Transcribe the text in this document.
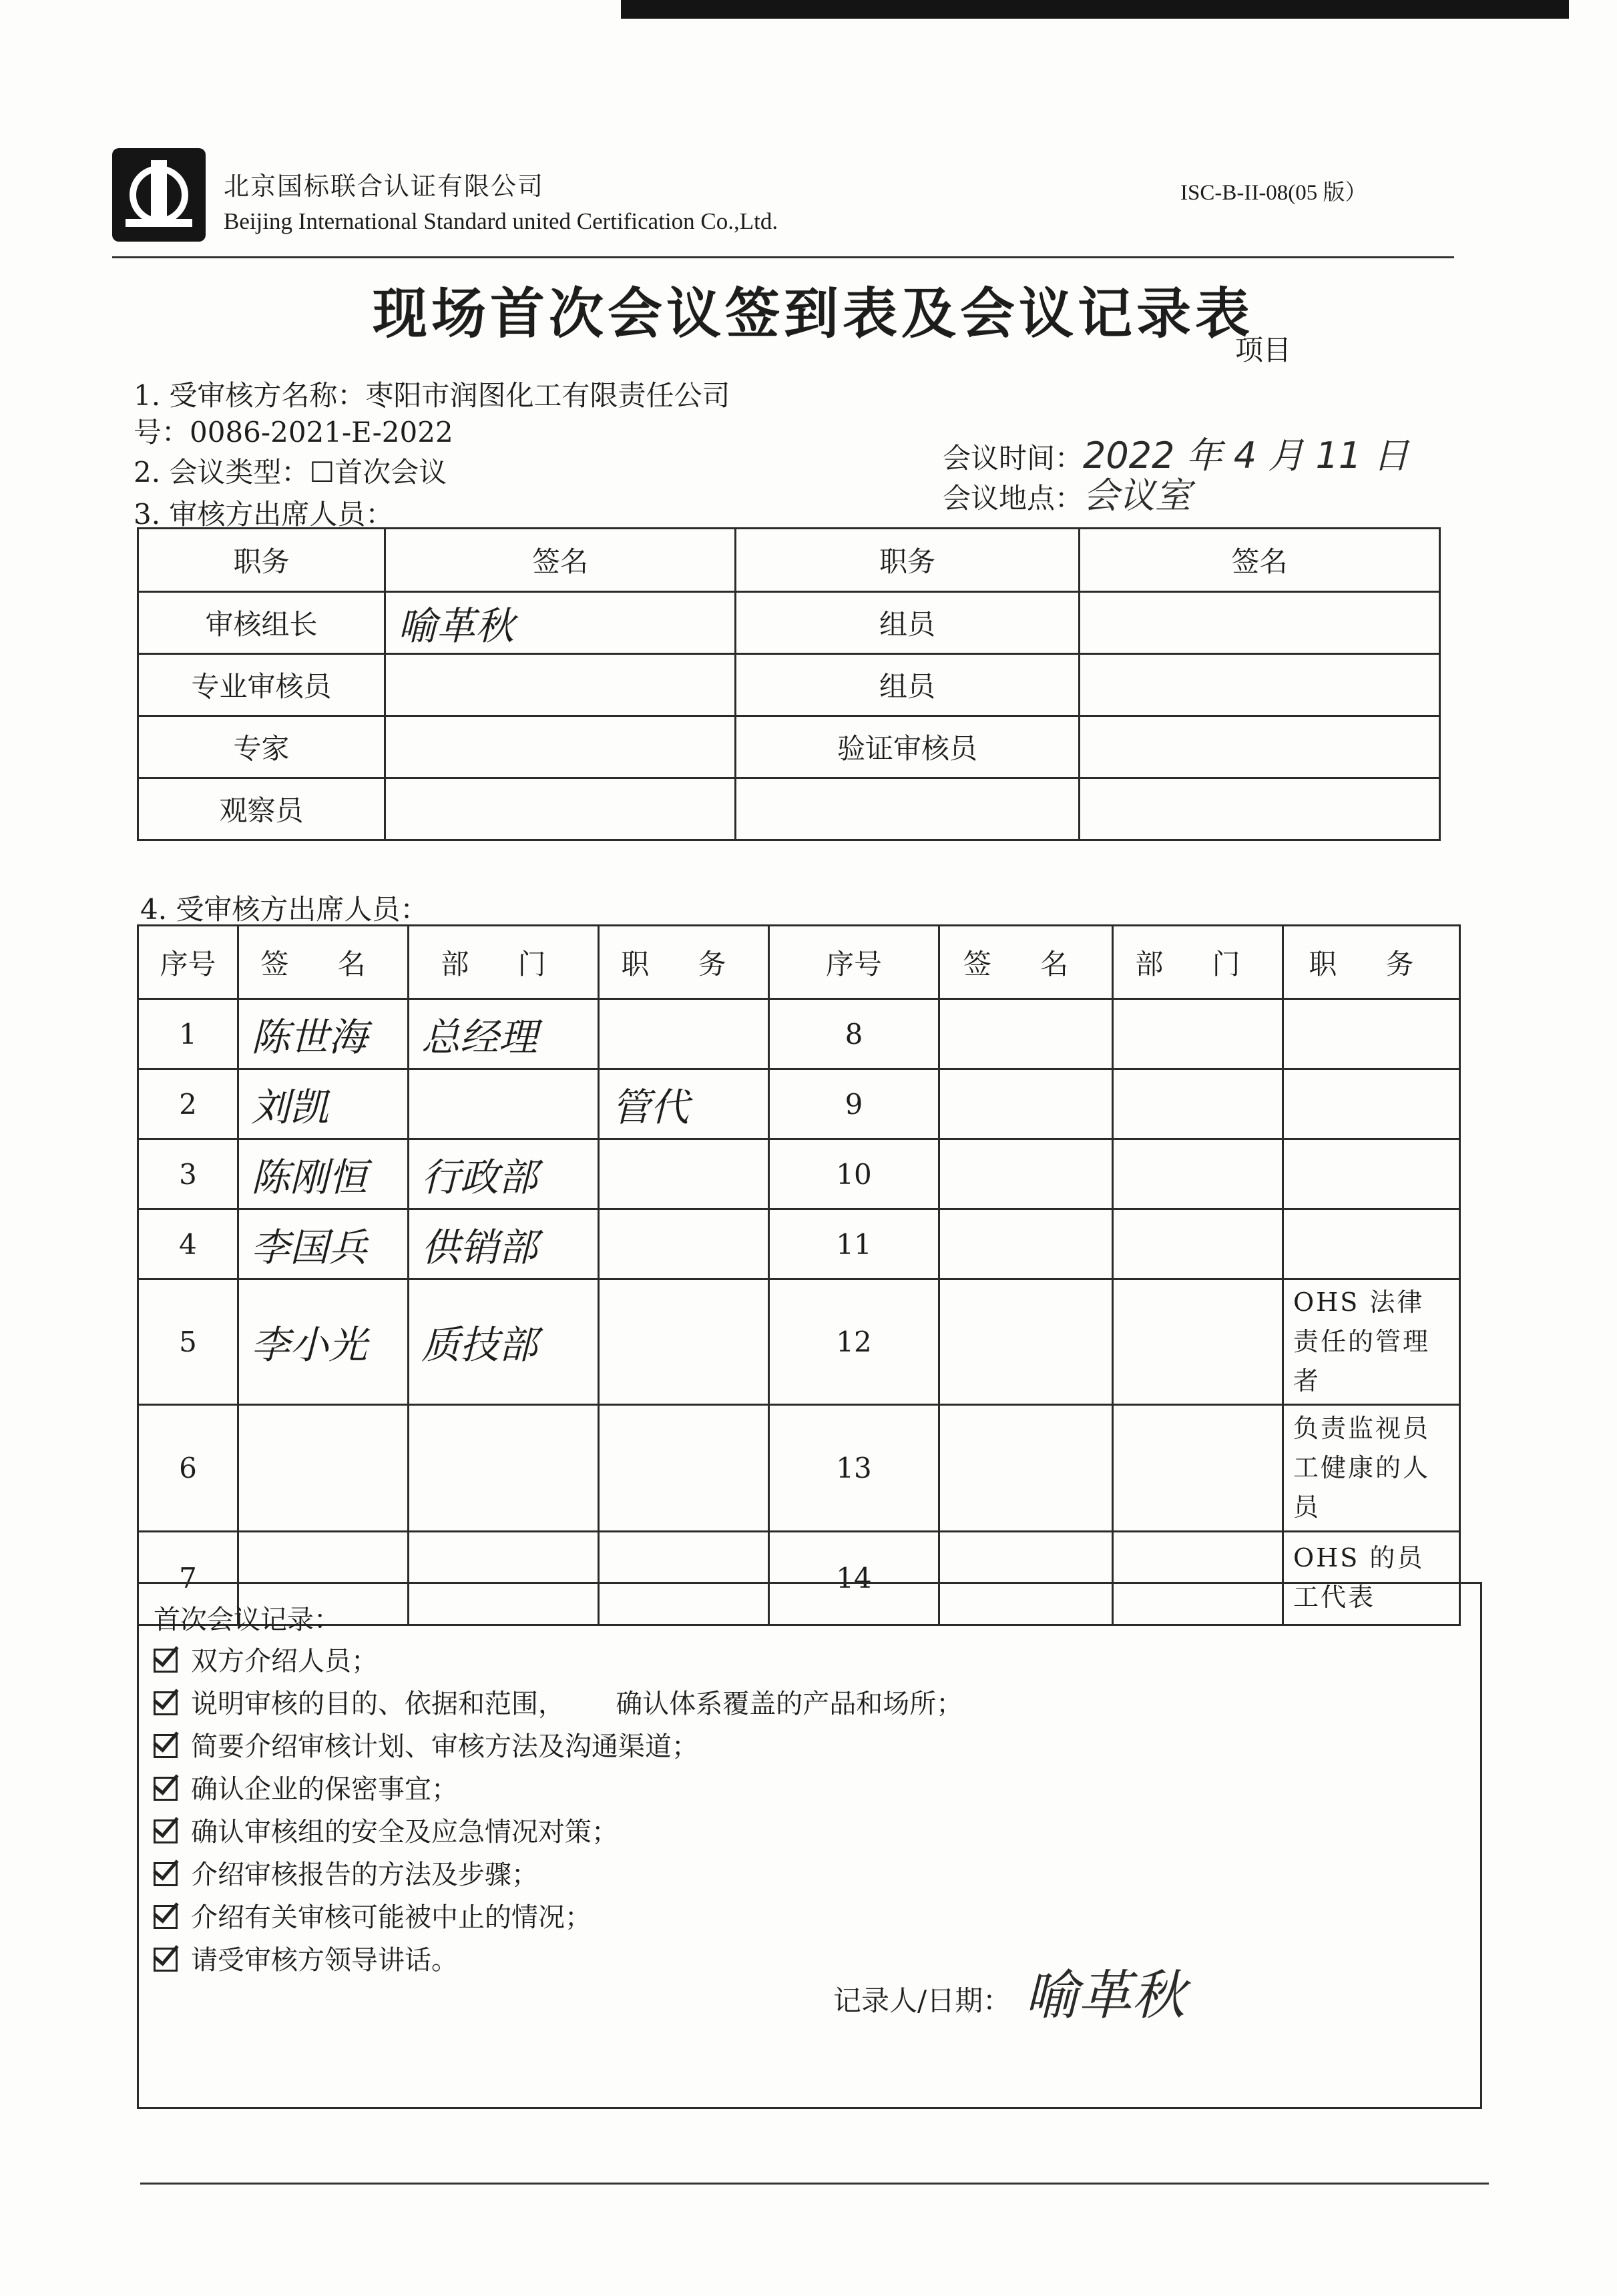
北京国标联合认证有限公司
Beijing International Standard united Certification Co.,Ltd.
ISC-B-II-08(05 版）
现场首次会议签到表及会议记录表
项目
1. 受审核方名称：枣阳市润图化工有限责任公司
号：0086-2021-E-2022
会议时间：2022 年 4 月 11 日
2. 会议类型：☐首次会议
会议地点：会议室
3. 审核方出席人员：
职务	签名	职务	签名
审核组长	喻革秋	组员	
专业审核员		组员	
专家		验证审核员	
观察员			
4. 受审核方出席人员：
序号	签 名	部 门	职 务	序号	签 名	部 门	职 务
1	陈世海	总经理		8			
2	刘凯		管代	9			
3	陈刚恒	行政部		10			
4	李国兵	供销部		11			
5	李小光	质技部		12			OHS 法律责任的管理者
6				13			负责监视员工健康的人员
7				14			OHS 的员工代表
首次会议记录：
双方介绍人员；
说明审核的目的、依据和范围，      确认体系覆盖的产品和场所；
简要介绍审核计划、审核方法及沟通渠道；
确认企业的保密事宜；
确认审核组的安全及应急情况对策；
介绍审核报告的方法及步骤；
介绍有关审核可能被中止的情况；
请受审核方领导讲话。
记录人/日期： 喻革秋
